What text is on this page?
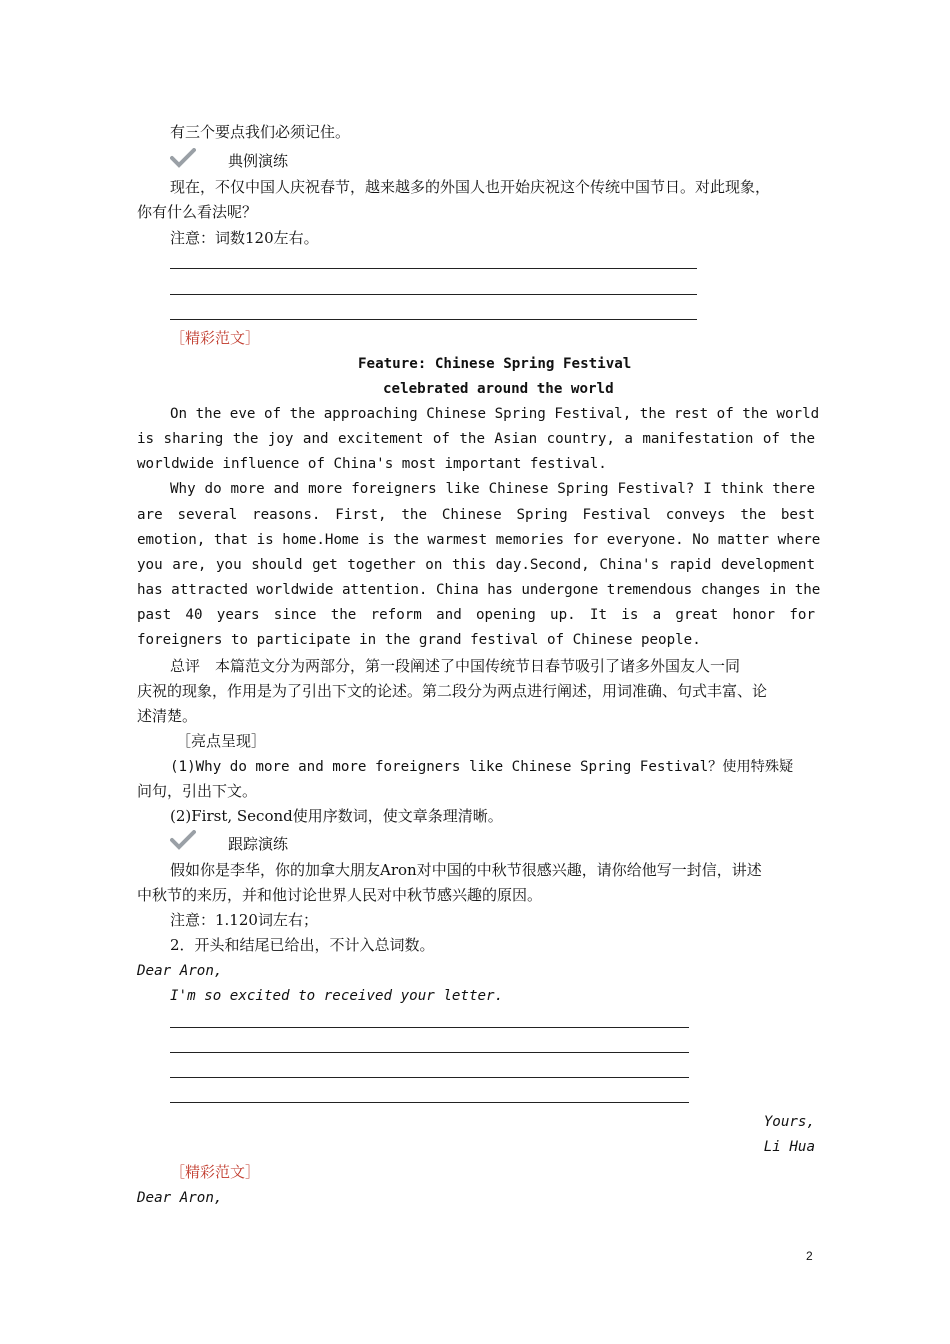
有三个要点我们必须记住。
典例演练
现在，不仅中国人庆祝春节，越来越多的外国人也开始庆祝这个传统中国节日。对此现象，
你有什么看法呢？
注意：词数120左右。
［精彩范文］
Feature: Chinese Spring Festival
celebrated around the world
On the eve of the approaching Chinese Spring Festival, the rest of the world
is sharing the joy and excitement of the Asian country, a manifestation of the
worldwide influence of China's most important festival.
Why do more and more foreigners like Chinese Spring Festival? I think there
are several reasons. First, the Chinese Spring Festival conveys the best
emotion, that is home.Home is the warmest memories for everyone. No matter where
you are, you should get together on this day.Second, China's rapid development
has attracted worldwide attention. China has undergone tremendous changes in the
past 40 years since the reform and opening up. It is a great honor for
foreigners to participate in the grand festival of Chinese people.
总评　本篇范文分为两部分，第一段阐述了中国传统节日春节吸引了诸多外国友人一同
庆祝的现象，作用是为了引出下文的论述。第二段分为两点进行阐述，用词准确、句式丰富、论
述清楚。
［亮点呈现］
(1)Why do more and more foreigners like Chinese Spring Festival？使用特殊疑
问句，引出下文。
(2)First, Second使用序数词，使文章条理清晰。
跟踪演练
假如你是李华，你的加拿大朋友Aron对中国的中秋节很感兴趣，请你给他写一封信，讲述
中秋节的来历，并和他讨论世界人民对中秋节感兴趣的原因。
注意：1.120词左右；
2．开头和结尾已给出，不计入总词数。
Dear Aron,
I'm so excited to received your letter.
Yours,
Li Hua
［精彩范文］
Dear Aron,
2
